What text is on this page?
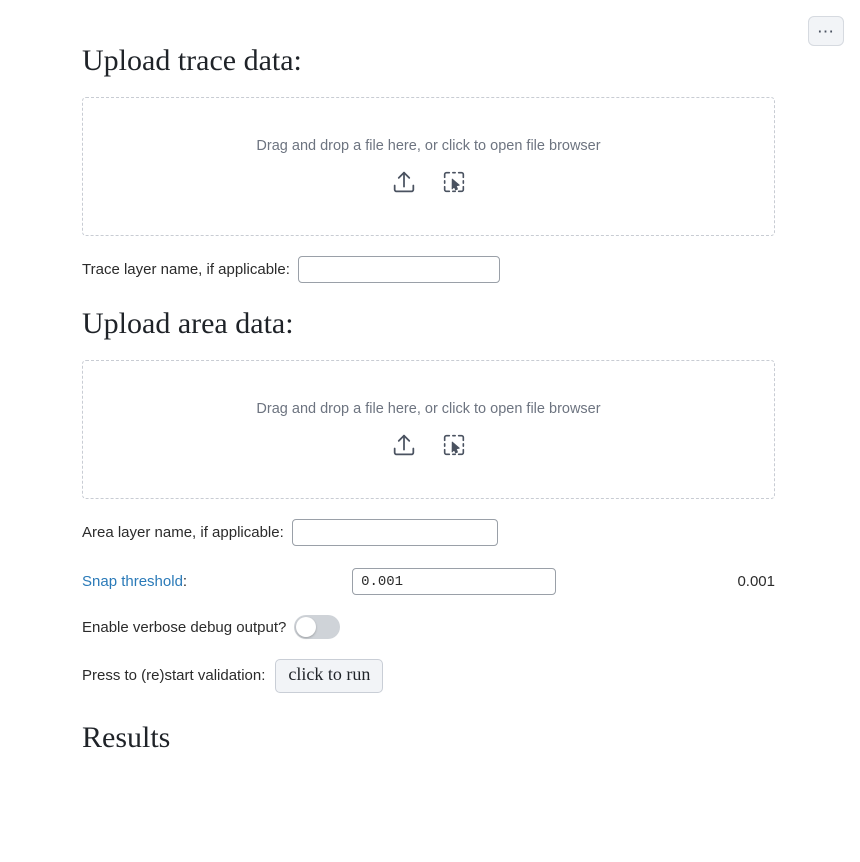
⋯
Upload trace data:
Drag and drop a file here, or click to open file browser
Trace layer name, if applicable:
Upload area data:
Drag and drop a file here, or click to open file browser
Area layer name, if applicable:
Snap threshold:
0.001	0.001
Enable verbose debug output?
Press to (re)start validation:	click to run
Results
